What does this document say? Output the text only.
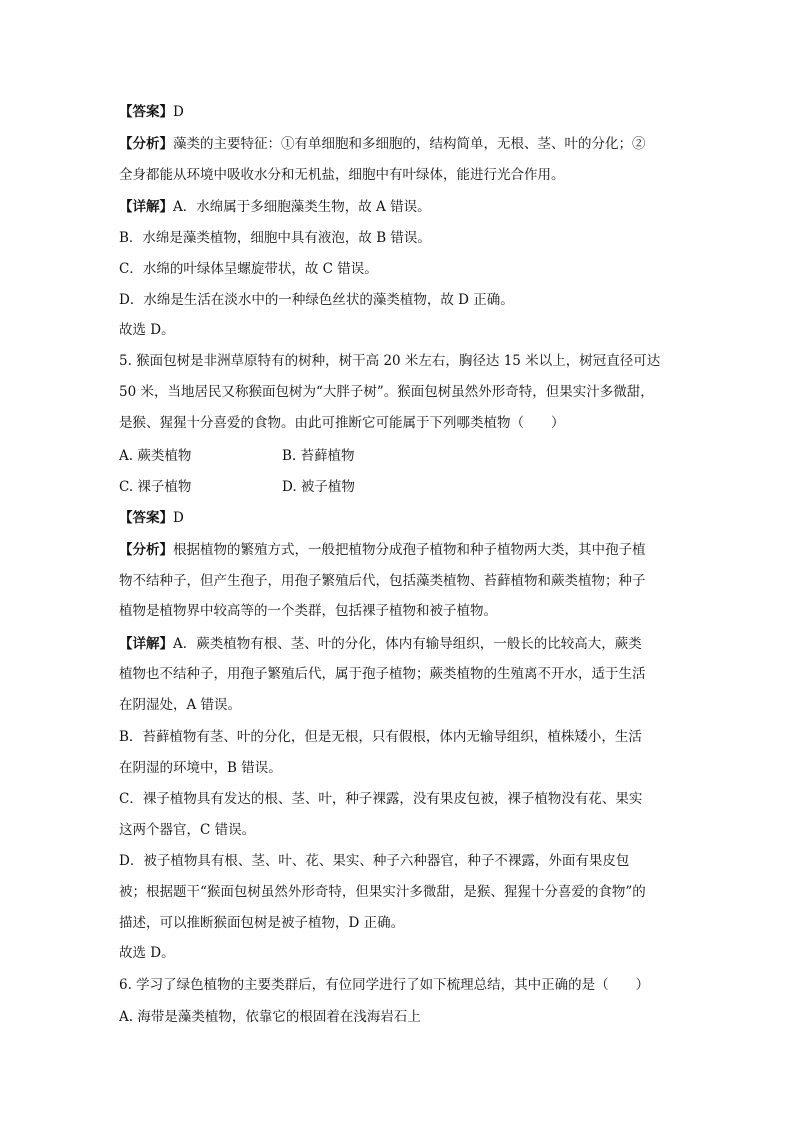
【答案】D
【分析】藻类的主要特征：①有单细胞和多细胞的，结构简单，无根、茎、叶的分化；②
全身都能从环境中吸收水分和无机盐，细胞中有叶绿体，能进行光合作用。
【详解】A．水绵属于多细胞藻类生物，故 A 错误。
B．水绵是藻类植物，细胞中具有液泡，故 B 错误。
C．水绵的叶绿体呈螺旋带状，故 C 错误。
D．水绵是生活在淡水中的一种绿色丝状的藻类植物，故 D 正确。
故选 D。
5. 猴面包树是非洲草原特有的树种，树干高 20 米左右，胸径达 15 米以上，树冠直径可达
50 米，当地居民又称猴面包树为“大胖子树”。猴面包树虽然外形奇特，但果实汁多微甜，
是猴、猩猩十分喜爱的食物。由此可推断它可能属于下列哪类植物（　　）
A. 蕨类植物	B. 苔藓植物
C. 裸子植物	D. 被子植物
【答案】D
【分析】根据植物的繁殖方式，一般把植物分成孢子植物和种子植物两大类，其中孢子植
物不结种子，但产生孢子，用孢子繁殖后代，包括藻类植物、苔藓植物和蕨类植物；种子
植物是植物界中较高等的一个类群，包括裸子植物和被子植物。
【详解】A．蕨类植物有根、茎、叶的分化，体内有输导组织，一般长的比较高大，蕨类
植物也不结种子，用孢子繁殖后代，属于孢子植物；蕨类植物的生殖离不开水，适于生活
在阴湿处，A 错误。
B．苔藓植物有茎、叶的分化，但是无根，只有假根，体内无输导组织，植株矮小，生活
在阴湿的环境中，B 错误。
C．裸子植物具有发达的根、茎、叶，种子裸露，没有果皮包被，裸子植物没有花、果实
这两个器官，C 错误。
D．被子植物具有根、茎、叶、花、果实、种子六种器官，种子不裸露，外面有果皮包
被；根据题干“猴面包树虽然外形奇特，但果实汁多微甜，是猴、猩猩十分喜爱的食物”的
描述，可以推断猴面包树是被子植物，D 正确。
故选 D。
6. 学习了绿色植物的主要类群后，有位同学进行了如下梳理总结，其中正确的是（　　）
A. 海带是藻类植物，依靠它的根固着在浅海岩石上
